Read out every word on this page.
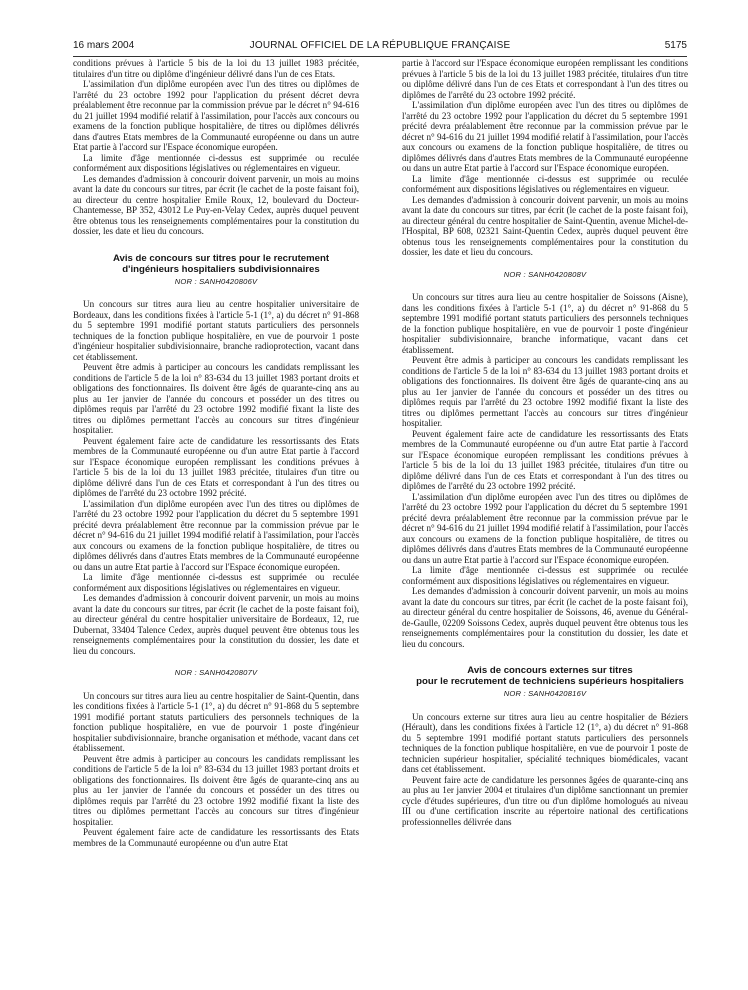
16 mars 2004	JOURNAL OFFICIEL DE LA RÉPUBLIQUE FRANÇAISE	5175

conditions prévues à l'article 5 bis de la loi du 13 juillet 1983 précitée, titulaires d'un titre ou diplôme d'ingénieur délivré dans l'un de ces Etats.

L'assimilation d'un diplôme européen avec l'un des titres ou diplômes de l'arrêté du 23 octobre 1992 pour l'application du présent décret devra préalablement être reconnue par la commission prévue par le décret n° 94-616 du 21 juillet 1994 modifié relatif à l'assimilation, pour l'accès aux concours ou examens de la fonction publique hospitalière, de titres ou diplômes délivrés dans d'autres Etats membres de la Communauté européenne ou dans un autre Etat partie à l'accord sur l'Espace économique européen.

La limite d'âge mentionnée ci-dessus est supprimée ou reculée conformément aux dispositions législatives ou réglementaires en vigueur.

Les demandes d'admission à concourir doivent parvenir, un mois au moins avant la date du concours sur titres, par écrit (le cachet de la poste faisant foi), au directeur du centre hospitalier Emile Roux, 12, boulevard du Docteur-Chantemesse, BP 352, 43012 Le Puy-en-Velay Cedex, auprès duquel peuvent être obtenus tous les renseignements complémentaires pour la constitution du dossier, les date et lieu du concours.

Avis de concours sur titres pour le recrutement

d'ingénieurs hospitaliers subdivisionnaires

NOR : SANH0420806V

Un concours sur titres aura lieu au centre hospitalier universitaire de Bordeaux, dans les conditions fixées à l'article 5-1 (1°, a) du décret n° 91-868 du 5 septembre 1991 modifié portant statuts particuliers des personnels techniques de la fonction publique hospitalière, en vue de pourvoir 1 poste d'ingénieur hospitalier subdivisionnaire, branche radioprotection, vacant dans cet établissement.

Peuvent être admis à participer au concours les candidats remplissant les conditions de l'article 5 de la loi n° 83-634 du 13 juillet 1983 portant droits et obligations des fonctionnaires. Ils doivent être âgés de quarante-cinq ans au plus au 1er janvier de l'année du concours et posséder un des titres ou diplômes requis par l'arrêté du 23 octobre 1992 modifié fixant la liste des titres ou diplômes permettant l'accès au concours sur titres d'ingénieur hospitalier.

Peuvent également faire acte de candidature les ressortissants des Etats membres de la Communauté européenne ou d'un autre Etat partie à l'accord sur l'Espace économique européen remplissant les conditions prévues à l'article 5 bis de la loi du 13 juillet 1983 précitée, titulaires d'un titre ou diplôme délivré dans l'un de ces Etats et correspondant à l'un des titres ou diplômes de l'arrêté du 23 octobre 1992 précité.

L'assimilation d'un diplôme européen avec l'un des titres ou diplômes de l'arrêté du 23 octobre 1992 pour l'application du décret du 5 septembre 1991 précité devra préalablement être reconnue par la commission prévue par le décret n° 94-616 du 21 juillet 1994 modifié relatif à l'assimilation, pour l'accès aux concours ou examens de la fonction publique hospitalière, de titres ou diplômes délivrés dans d'autres Etats membres de la Communauté européenne ou dans un autre Etat partie à l'accord sur l'Espace économique européen.

La limite d'âge mentionnée ci-dessus est supprimée ou reculée conformément aux dispositions législatives ou réglementaires en vigueur.

Les demandes d'admission à concourir doivent parvenir, un mois au moins avant la date du concours sur titres, par écrit (le cachet de la poste faisant foi), au directeur général du centre hospitalier universitaire de Bordeaux, 12, rue Dubernat, 33404 Talence Cedex, auprès duquel peuvent être obtenus tous les renseignements complémentaires pour la constitution du dossier, les date et lieu du concours.

NOR : SANH0420807V

Un concours sur titres aura lieu au centre hospitalier de Saint-Quentin, dans les conditions fixées à l'article 5-1 (1°, a) du décret n° 91-868 du 5 septembre 1991 modifié portant statuts particuliers des personnels techniques de la fonction publique hospitalière, en vue de pourvoir 1 poste d'ingénieur hospitalier subdivisionnaire, branche organisation et méthode, vacant dans cet établissement.

Peuvent être admis à participer au concours les candidats remplissant les conditions de l'article 5 de la loi n° 83-634 du 13 juillet 1983 portant droits et obligations des fonctionnaires. Ils doivent être âgés de quarante-cinq ans au plus au 1er janvier de l'année du concours et posséder un des titres ou diplômes requis par l'arrêté du 23 octobre 1992 modifié fixant la liste des titres ou diplômes permettant l'accès au concours sur titres d'ingénieur hospitalier.

Peuvent également faire acte de candidature les ressortissants des Etats membres de la Communauté européenne ou d'un autre Etat

partie à l'accord sur l'Espace économique européen remplissant les conditions prévues à l'article 5 bis de la loi du 13 juillet 1983 précitée, titulaires d'un titre ou diplôme délivré dans l'un de ces Etats et correspondant à l'un des titres ou diplômes de l'arrêté du 23 octobre 1992 précité.

L'assimilation d'un diplôme européen avec l'un des titres ou diplômes de l'arrêté du 23 octobre 1992 pour l'application du décret du 5 septembre 1991 précité devra préalablement être reconnue par la commission prévue par le décret n° 94-616 du 21 juillet 1994 modifié relatif à l'assimilation, pour l'accès aux concours ou examens de la fonction publique hospitalière, de titres ou diplômes délivrés dans d'autres Etats membres de la Communauté européenne ou dans un autre Etat partie à l'accord sur l'Espace économique européen.

La limite d'âge mentionnée ci-dessus est supprimée ou reculée conformément aux dispositions législatives ou réglementaires en vigueur.

Les demandes d'admission à concourir doivent parvenir, un mois au moins avant la date du concours sur titres, par écrit (le cachet de la poste faisant foi), au directeur général du centre hospitalier de Saint-Quentin, avenue Michel-de-l'Hospital, BP 608, 02321 Saint-Quentin Cedex, auprès duquel peuvent être obtenus tous les renseignements complémentaires pour la constitution du dossier, les date et lieu du concours.

NOR : SANH0420808V

Un concours sur titres aura lieu au centre hospitalier de Soissons (Aisne), dans les conditions fixées à l'article 5-1 (1°, a) du décret n° 91-868 du 5 septembre 1991 modifié portant statuts particuliers des personnels techniques de la fonction publique hospitalière, en vue de pourvoir 1 poste d'ingénieur hospitalier subdivisionnaire, branche informatique, vacant dans cet établissement.

Peuvent être admis à participer au concours les candidats remplissant les conditions de l'article 5 de la loi n° 83-634 du 13 juillet 1983 portant droits et obligations des fonctionnaires. Ils doivent être âgés de quarante-cinq ans au plus au 1er janvier de l'année du concours et posséder un des titres ou diplômes requis par l'arrêté du 23 octobre 1992 modifié fixant la liste des titres ou diplômes permettant l'accès au concours sur titres d'ingénieur hospitalier.

Peuvent également faire acte de candidature les ressortissants des Etats membres de la Communauté européenne ou d'un autre Etat partie à l'accord sur l'Espace économique européen remplissant les conditions prévues à l'article 5 bis de la loi du 13 juillet 1983 précitée, titulaires d'un titre ou diplôme délivré dans l'un de ces Etats et correspondant à l'un des titres ou diplômes de l'arrêté du 23 octobre 1992 précité.

L'assimilation d'un diplôme européen avec l'un des titres ou diplômes de l'arrêté du 23 octobre 1992 pour l'application du décret du 5 septembre 1991 précité devra préalablement être reconnue par la commission prévue par le décret n° 94-616 du 21 juillet 1994 modifié relatif à l'assimilation, pour l'accès aux concours ou examens de la fonction publique hospitalière, de titres ou diplômes délivrés dans d'autres Etats membres de la Communauté européenne ou dans un autre Etat partie à l'accord sur l'Espace économique européen.

La limite d'âge mentionnée ci-dessus est supprimée ou reculée conformément aux dispositions législatives ou réglementaires en vigueur.

Les demandes d'admission à concourir doivent parvenir, un mois au moins avant la date du concours sur titres, par écrit (le cachet de la poste faisant foi), au directeur général du centre hospitalier de Soissons, 46, avenue du Général-de-Gaulle, 02209 Soissons Cedex, auprès duquel peuvent être obtenus tous les renseignements complémentaires pour la constitution du dossier, les date et lieu du concours.

Avis de concours externes sur titres

pour le recrutement de techniciens supérieurs hospitaliers

NOR : SANH0420816V

Un concours externe sur titres aura lieu au centre hospitalier de Béziers (Hérault), dans les conditions fixées à l'article 12 (1°, a) du décret n° 91-868 du 5 septembre 1991 modifié portant statuts particuliers des personnels techniques de la fonction publique hospitalière, en vue de pourvoir 1 poste de technicien supérieur hospitalier, spécialité techniques biomédicales, vacant dans cet établissement.

Peuvent faire acte de candidature les personnes âgées de quarante-cinq ans au plus au 1er janvier 2004 et titulaires d'un diplôme sanctionnant un premier cycle d'études supérieures, d'un titre ou d'un diplôme homologués au niveau III ou d'une certification inscrite au répertoire national des certifications professionnelles délivrée dans
